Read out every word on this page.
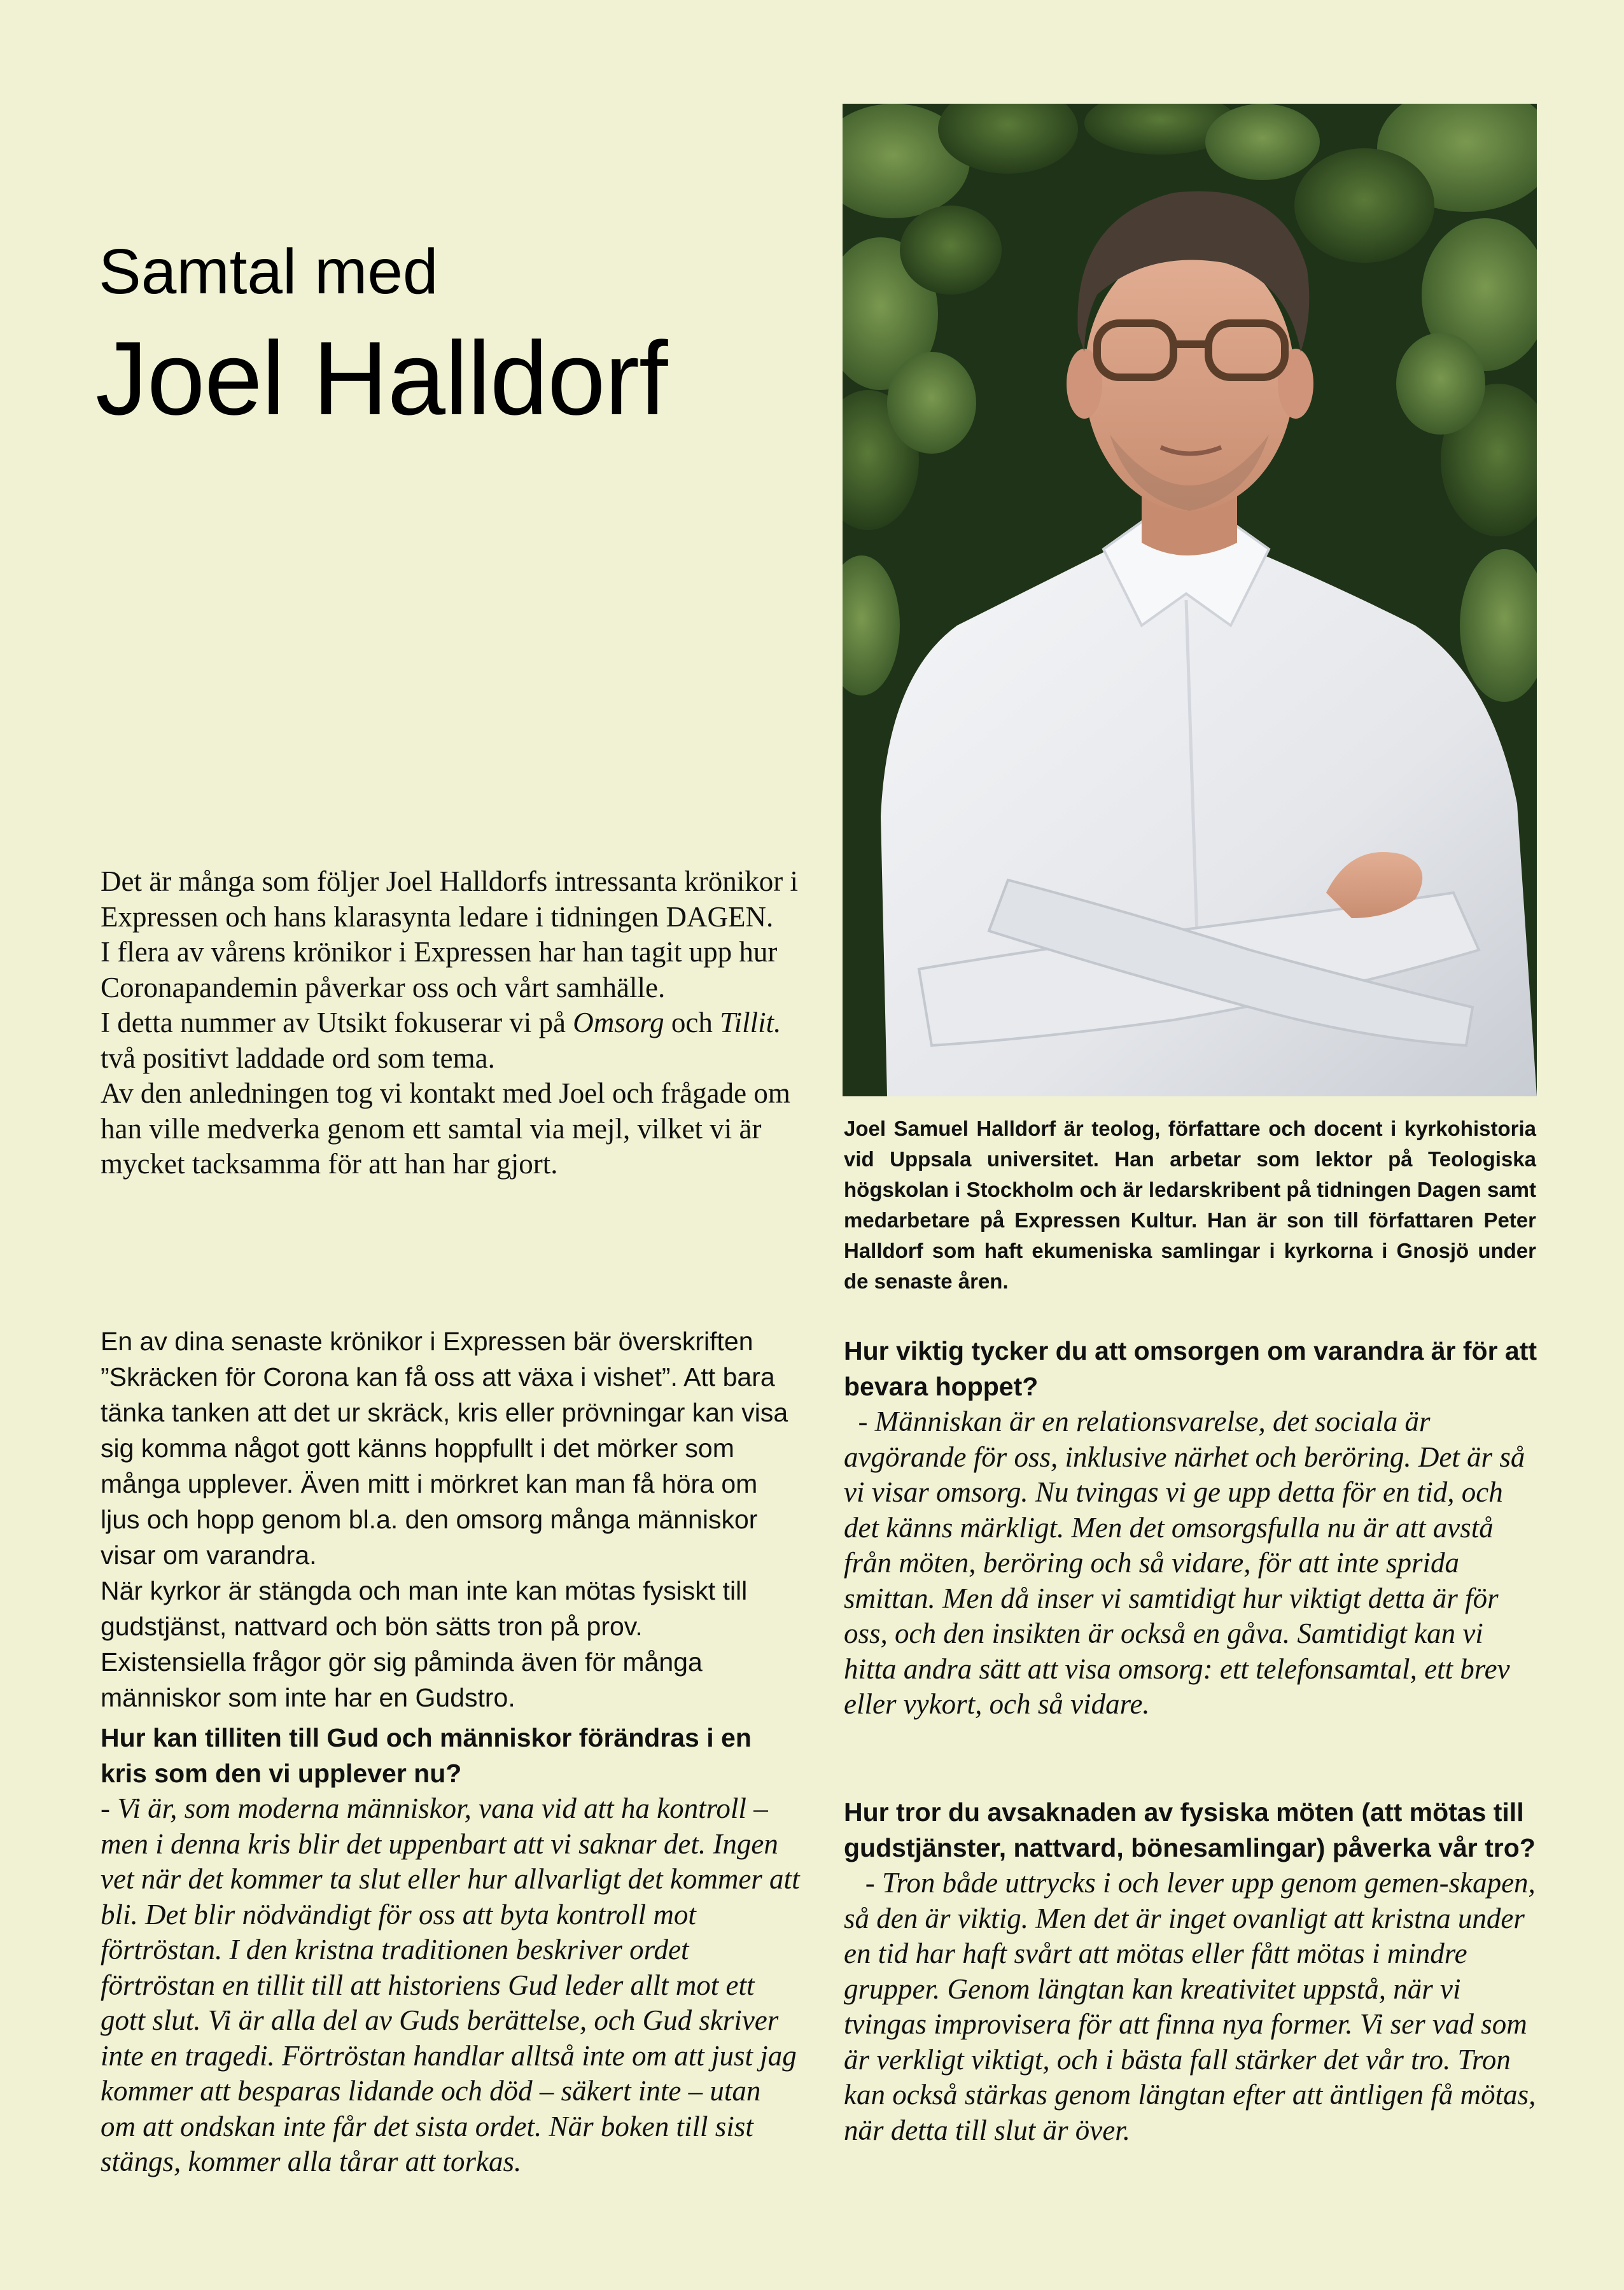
Samtal med
Joel Halldorf
Joel Samuel Halldorf är teolog, författare och docent i kyrkohistoria vid Uppsala universitet. Han arbetar som lektor på Teologiska högskolan i Stockholm och är ledarskribent på tidningen Dagen samt medarbetare på Expressen Kultur. Han är son till författaren Peter Halldorf som haft ekumeniska samlingar i kyrkorna i Gnosjö under de senaste åren.

Det är många som följer Joel Halldorfs intressanta krönikor i Expressen och hans klarasynta ledare i tidningen DAGEN.

I flera av vårens krönikor i Expressen har han tagit upp hur Coronapandemin påverkar oss och vårt samhälle.

I detta nummer av Utsikt fokuserar vi på Omsorg och Tillit. två positivt laddade ord som tema.

Av den anledningen tog vi kontakt med Joel och frågade om han ville medverka genom ett samtal via mejl, vilket vi är mycket tacksamma för att han har gjort.

En av dina senaste krönikor i Expressen bär överskriften ”Skräcken för Corona kan få oss att växa i vishet”. Att bara tänka tanken att det ur skräck, kris eller prövningar kan visa sig komma något gott känns hoppfullt i det mörker som många upplever. Även mitt i mörkret kan man få höra om ljus och hopp genom bl.a. den omsorg många människor visar om varandra.

När kyrkor är stängda och man inte kan mötas fysiskt till gudstjänst, nattvard och bön sätts tron på prov.

Existensiella frågor gör sig påminda även för många människor som inte har en Gudstro.

Hur kan tilliten till Gud och människor förändras i en kris som den vi upplever nu?

- Vi är, som moderna människor, vana vid att ha kontroll – men i denna kris blir det uppenbart att vi saknar det. Ingen vet när det kommer ta slut eller hur allvarligt det kommer att bli. Det blir nödvändigt för oss att byta kontroll mot förtröstan. I den kristna traditionen beskriver ordet förtröstan en tillit till att historiens Gud leder allt mot ett gott slut. Vi är alla del av Guds berättelse, och Gud skriver inte en tragedi. Förtröstan handlar alltså inte om att just jag kommer att besparas lidande och död – säkert inte – utan om att ondskan inte får det sista ordet. När boken till sist stängs, kommer alla tårar att torkas.

Hur viktig tycker du att omsorgen om varandra är för att bevara hoppet?

- Människan är en relationsvarelse, det sociala är avgörande för oss, inklusive närhet och beröring. Det är så vi visar omsorg. Nu tvingas vi ge upp detta för en tid, och det känns märkligt. Men det omsorgsfulla nu är att avstå från möten, beröring och så vidare, för att inte sprida smittan. Men då inser vi samtidigt hur viktigt detta är för oss, och den insikten är också en gåva. Samtidigt kan vi hitta andra sätt att visa omsorg: ett telefonsamtal, ett brev eller vykort, och så vidare.

Hur tror du avsaknaden av fysiska möten (att mötas till gudstjänster, nattvard, bönesamlingar) påverka vår tro?

- Tron både uttrycks i och lever upp genom gemen-skapen, så den är viktig. Men det är inget ovanligt att kristna under en tid har haft svårt att mötas eller fått mötas i mindre grupper. Genom längtan kan kreativitet uppstå, när vi tvingas improvisera för att finna nya former. Vi ser vad som är verkligt viktigt, och i bästa fall stärker det vår tro. Tron kan också stärkas genom längtan efter att äntligen få mötas, när detta till slut är över.
